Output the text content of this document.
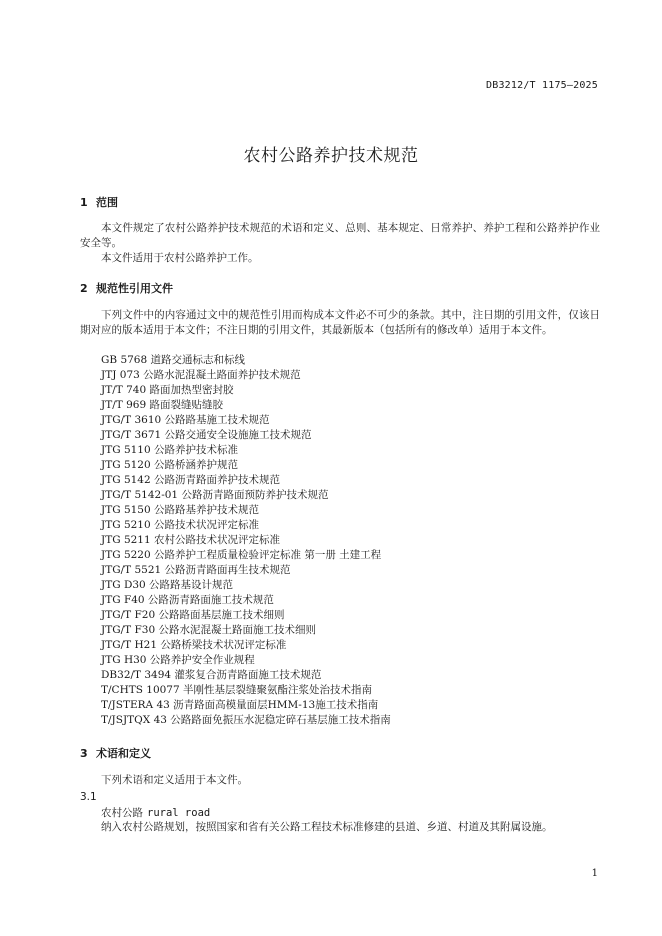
DB3212/T 1175—2025
农村公路养护技术规范
1 范围

本文件规定了农村公路养护技术规范的术语和定义、总则、基本规定、日常养护、养护工程和公路养护作业安全等。

本文件适用于农村公路养护工作。

2 规范性引用文件

下列文件中的内容通过文中的规范性引用而构成本文件必不可少的条款。其中，注日期的引用文件，仅该日期对应的版本适用于本文件；不注日期的引用文件，其最新版本（包括所有的修改单）适用于本文件。

GB 5768 道路交通标志和标线
JTJ 073 公路水泥混凝土路面养护技术规范
JT/T 740 路面加热型密封胶
JT/T 969 路面裂缝贴缝胶
JTG/T 3610 公路路基施工技术规范
JTG/T 3671 公路交通安全设施施工技术规范
JTG 5110 公路养护技术标准
JTG 5120 公路桥涵养护规范
JTG 5142 公路沥青路面养护技术规范
JTG/T 5142-01 公路沥青路面预防养护技术规范
JTG 5150 公路路基养护技术规范
JTG 5210 公路技术状况评定标准
JTG 5211 农村公路技术状况评定标准
JTG 5220 公路养护工程质量检验评定标准 第一册 土建工程
JTG/T 5521 公路沥青路面再生技术规范
JTG D30 公路路基设计规范
JTG F40 公路沥青路面施工技术规范
JTG/T F20 公路路面基层施工技术细则
JTG/T F30 公路水泥混凝土路面施工技术细则
JTG/T H21 公路桥梁技术状况评定标准
JTG H30 公路养护安全作业规程
DB32/T 3494 灌浆复合沥青路面施工技术规范
T/CHTS 10077 半刚性基层裂缝聚氨酯注浆处治技术指南
T/JSTERA 43 沥青路面高模量面层HMM-13施工技术指南
T/JSJTQX 43 公路路面免振压水泥稳定碎石基层施工技术指南
3 术语和定义

下列术语和定义适用于本文件。

3.1
农村公路 rural road

纳入农村公路规划，按照国家和省有关公路工程技术标准修建的县道、乡道、村道及其附属设施。

1
